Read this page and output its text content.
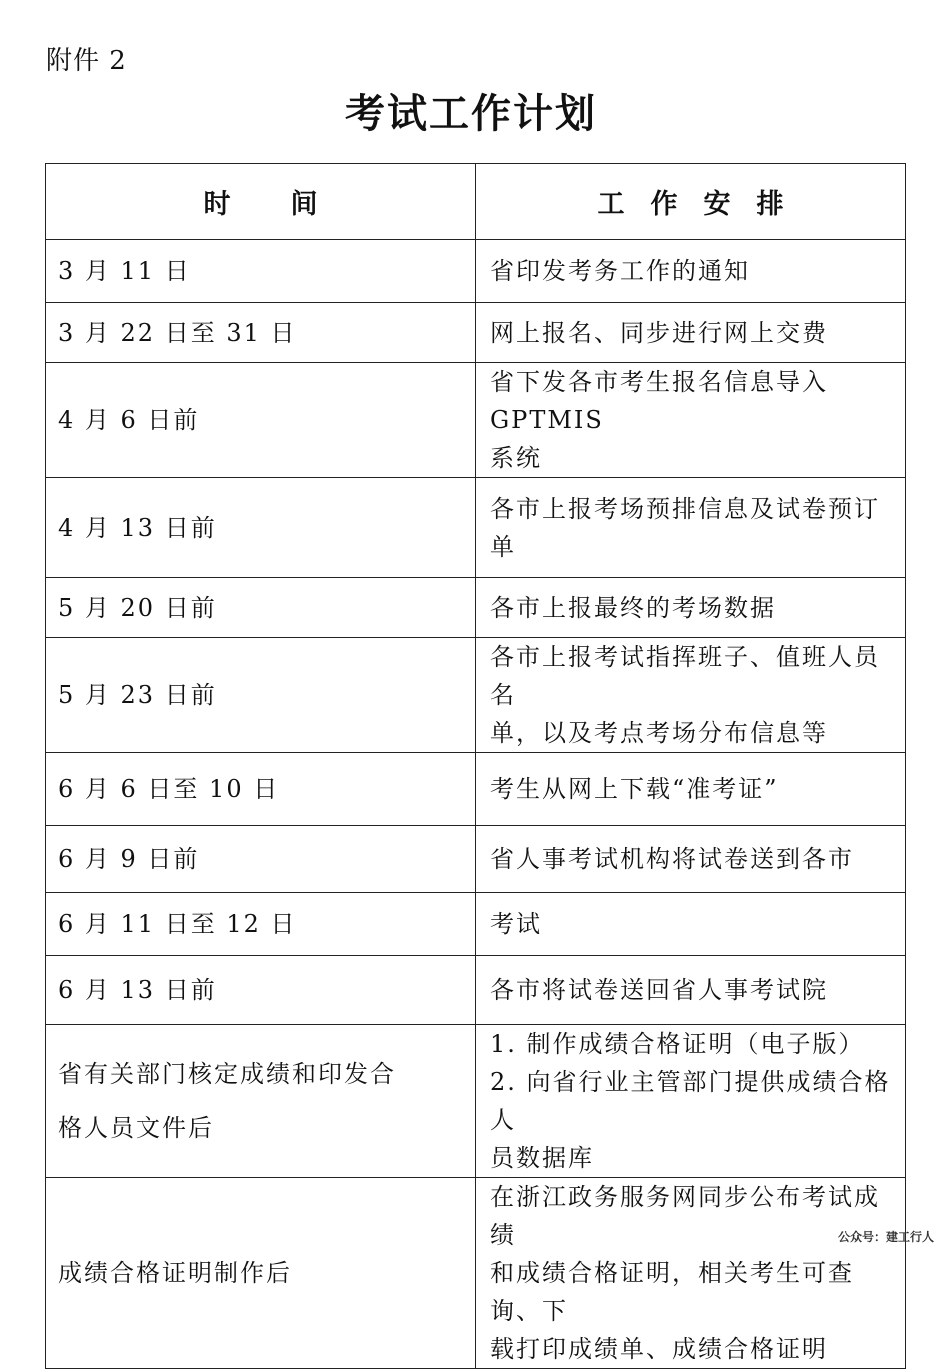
附件 2
考试工作计划
时间	工作安排
3 月 11 日	省印发考务工作的通知

3 月 22 日至 31 日	网上报名、同步进行网上交费

4 月 6 日前	省下发各市考生报名信息导入 GPTMIS
系统

4 月 13 日前	各市上报考场预排信息及试卷预订单

5 月 20 日前	各市上报最终的考场数据

5 月 23 日前	各市上报考试指挥班子、值班人员名
单，以及考点考场分布信息等

6 月 6 日至 10 日	考生从网上下载“准考证”

6 月 9 日前	省人事考试机构将试卷送到各市

6 月 11 日至 12 日	考试

6 月 13 日前	各市将试卷送回省人事考试院

省有关部门核定成绩和印发合
格人员文件后	1. 制作成绩合格证明（电子版）
2. 向省行业主管部门提供成绩合格人
员数据库

成绩合格证明制作后	在浙江政务服务网同步公布考试成绩
和成绩合格证明，相关考生可查询、下
载打印成绩单、成绩合格证明
公众号：建工行人
